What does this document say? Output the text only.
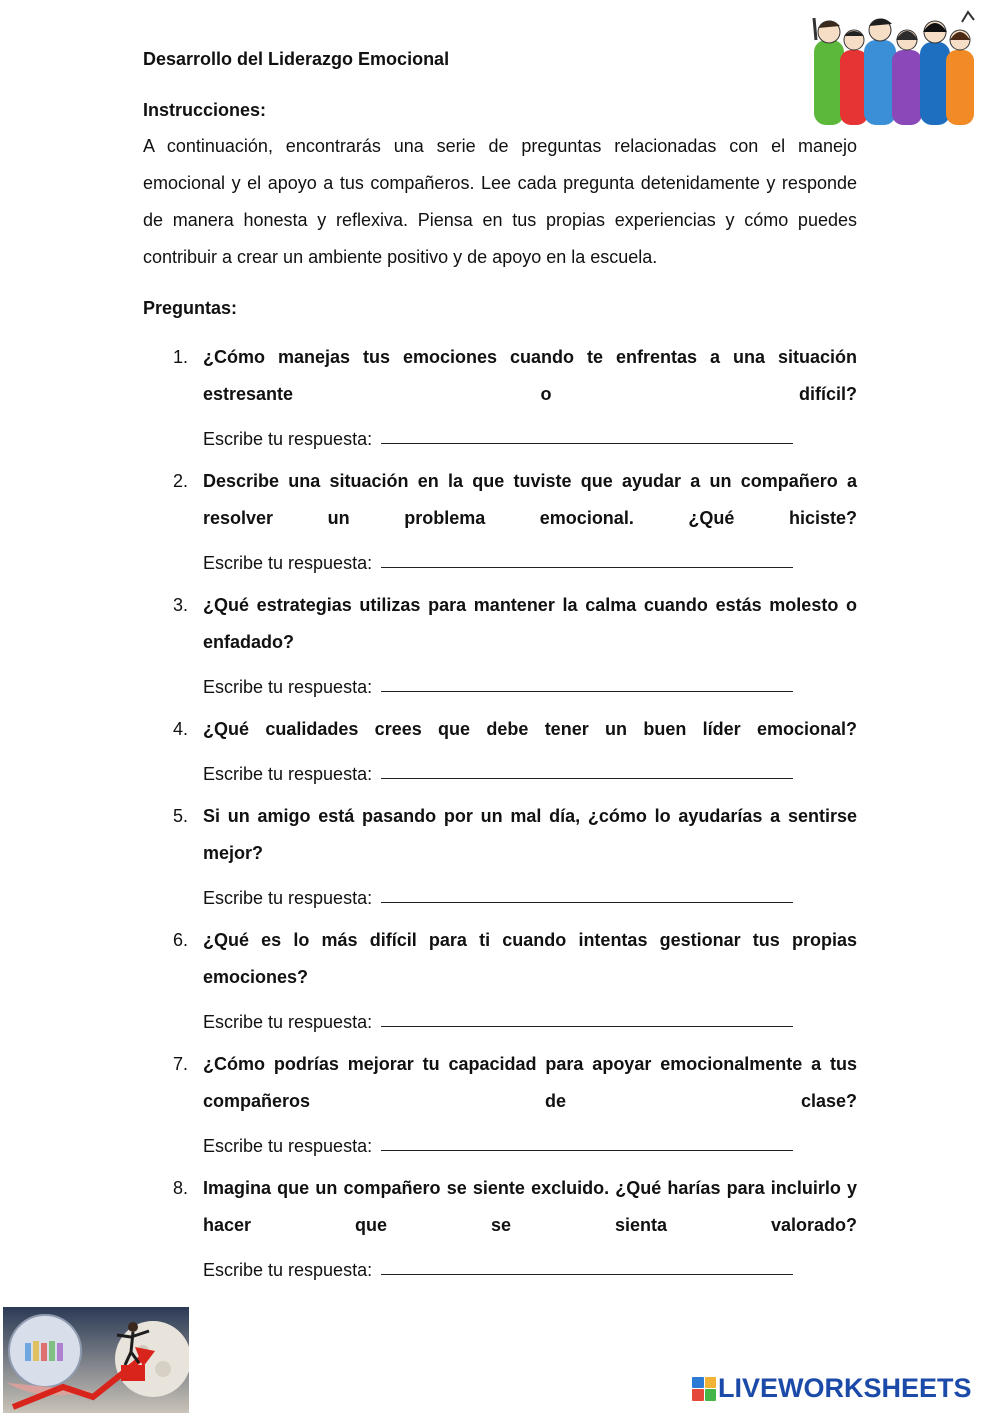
Desarrollo del Liderazgo Emocional
Instrucciones:

A continuación, encontrarás una serie de preguntas relacionadas con el manejo emocional y el apoyo a tus compañeros. Lee cada pregunta detenidamente y responde de manera honesta y reflexiva. Piensa en tus propias experiencias y cómo puedes contribuir a crear un ambiente positivo y de apoyo en la escuela.

Preguntas:
1. ¿Cómo manejas tus emociones cuando te enfrentas a una situación estresante o difícil?

Escribe tu respuesta:
2. Describe una situación en la que tuviste que ayudar a un compañero a resolver un problema emocional. ¿Qué hiciste?

Escribe tu respuesta:
3. ¿Qué estrategias utilizas para mantener la calma cuando estás molesto o enfadado?

Escribe tu respuesta:
4. ¿Qué cualidades crees que debe tener un buen líder emocional?

Escribe tu respuesta:
5. Si un amigo está pasando por un mal día, ¿cómo lo ayudarías a sentirse mejor?

Escribe tu respuesta:
6. ¿Qué es lo más difícil para ti cuando intentas gestionar tus propias emociones?

Escribe tu respuesta:
7. ¿Cómo podrías mejorar tu capacidad para apoyar emocionalmente a tus compañeros de clase?

Escribe tu respuesta:
8. Imagina que un compañero se siente excluido. ¿Qué harías para incluirlo y hacer que se sienta valorado?

Escribe tu respuesta:
LIVEWORKSHEETS
